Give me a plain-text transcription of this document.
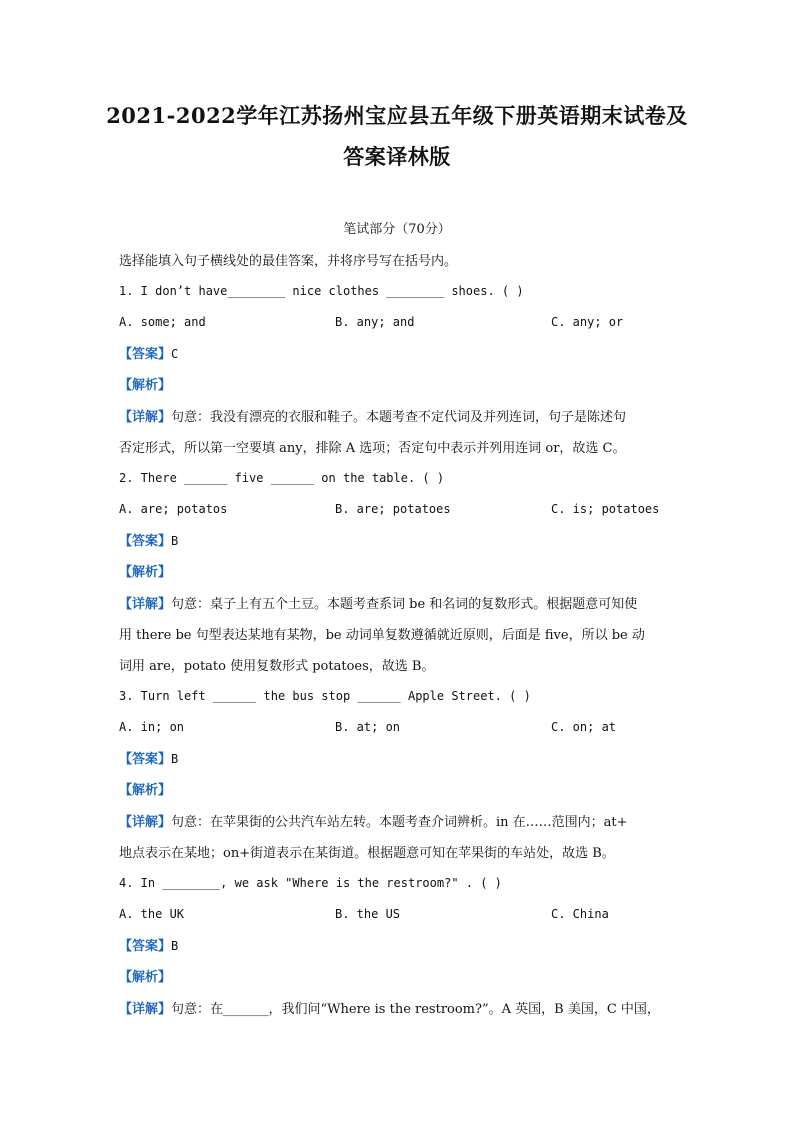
2021-2022学年江苏扬州宝应县五年级下册英语期末试卷及
答案译林版
笔试部分（70分）
选择能填入句子横线处的最佳答案，并将序号写在括号内。
1. I don’t have________ nice clothes ________ shoes. ( )
A. some; and	B. any; and	C. any; or
【答案】C
【解析】
【详解】句意：我没有漂亮的衣服和鞋子。本题考查不定代词及并列连词，句子是陈述句
否定形式，所以第一空要填 any，排除 A 选项；否定句中表示并列用连词 or，故选 C。
2. There ______ five ______ on the table. ( )
A. are; potatos	B. are; potatoes	C. is; potatoes
【答案】B
【解析】
【详解】句意：桌子上有五个土豆。本题考查系词 be 和名词的复数形式。根据题意可知使
用 there be 句型表达某地有某物，be 动词单复数遵循就近原则，后面是 five，所以 be 动
词用 are，potato 使用复数形式 potatoes，故选 B。
3. Turn left ______ the bus stop ______ Apple Street. ( )
A. in; on	B. at; on	C. on; at
【答案】B
【解析】
【详解】句意：在苹果街的公共汽车站左转。本题考查介词辨析。in 在……范围内；at+
地点表示在某地；on+街道表示在某街道。根据题意可知在苹果街的车站处，故选 B。
4. In ________, we ask "Where is the restroom?" . ( )
A. the UK	B. the US	C. China
【答案】B
【解析】
【详解】句意：在_______，我们问“Where is the restroom?”。A 英国，B 美国，C 中国，
